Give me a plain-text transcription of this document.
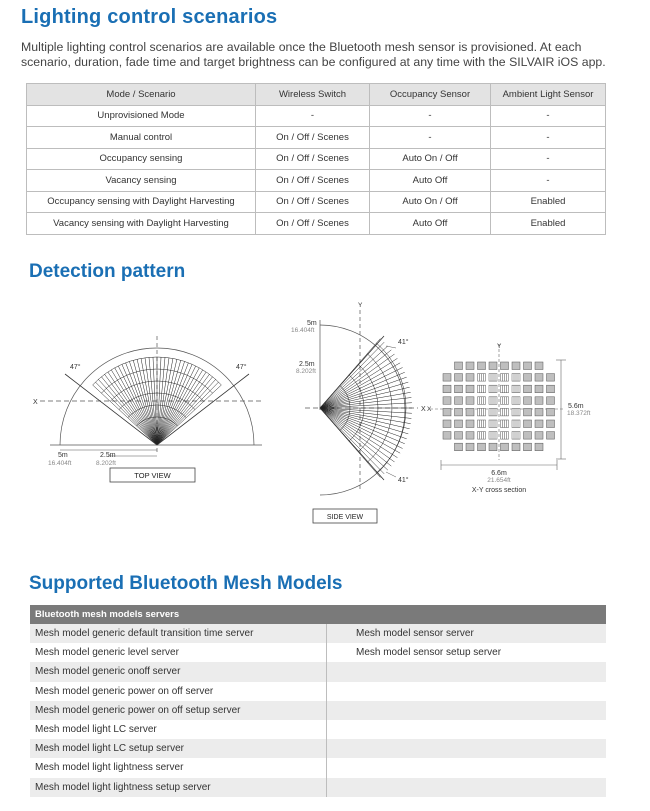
Lighting control scenarios
Multiple lighting control scenarios are available once the Bluetooth mesh sensor is provisioned. At each scenario, duration, fade time and target brightness can be configured at any time with the SILVAIR iOS app.
Mode / Scenario	Wireless Switch	Occupancy Sensor	Ambient Light Sensor
Unprovisioned Mode	-	-	-
Manual control	On / Off / Scenes	-	-
Occupancy sensing	On / Off / Scenes	Auto On / Off	-
Vacancy sensing	On / Off / Scenes	Auto Off	-
Occupancy sensing with Daylight Harvesting	On / Off / Scenes	Auto On / Off	Enabled
Vacancy sensing with Daylight Harvesting	On / Off / Scenes	Auto Off	Enabled
Detection pattern
47°	47°
X
5m
16.404ft
2.5m
8.202ft
TOP VIEW
Y
X
5m
16.404ft
2.5m
8.202ft
41°
41°
SIDE VIEW
Y
X	5.6m
18.372ft
6.6m
21.654ft
X-Y cross section
Supported Bluetooth Mesh Models
Bluetooth mesh models servers
Mesh model generic default transition time server	Mesh model sensor server
Mesh model generic level server	Mesh model sensor setup server
Mesh model generic onoff server
Mesh model generic power on off server
Mesh model generic power on off setup server
Mesh model light LC server
Mesh model light LC setup server
Mesh model light lightness server
Mesh model light lightness setup server
